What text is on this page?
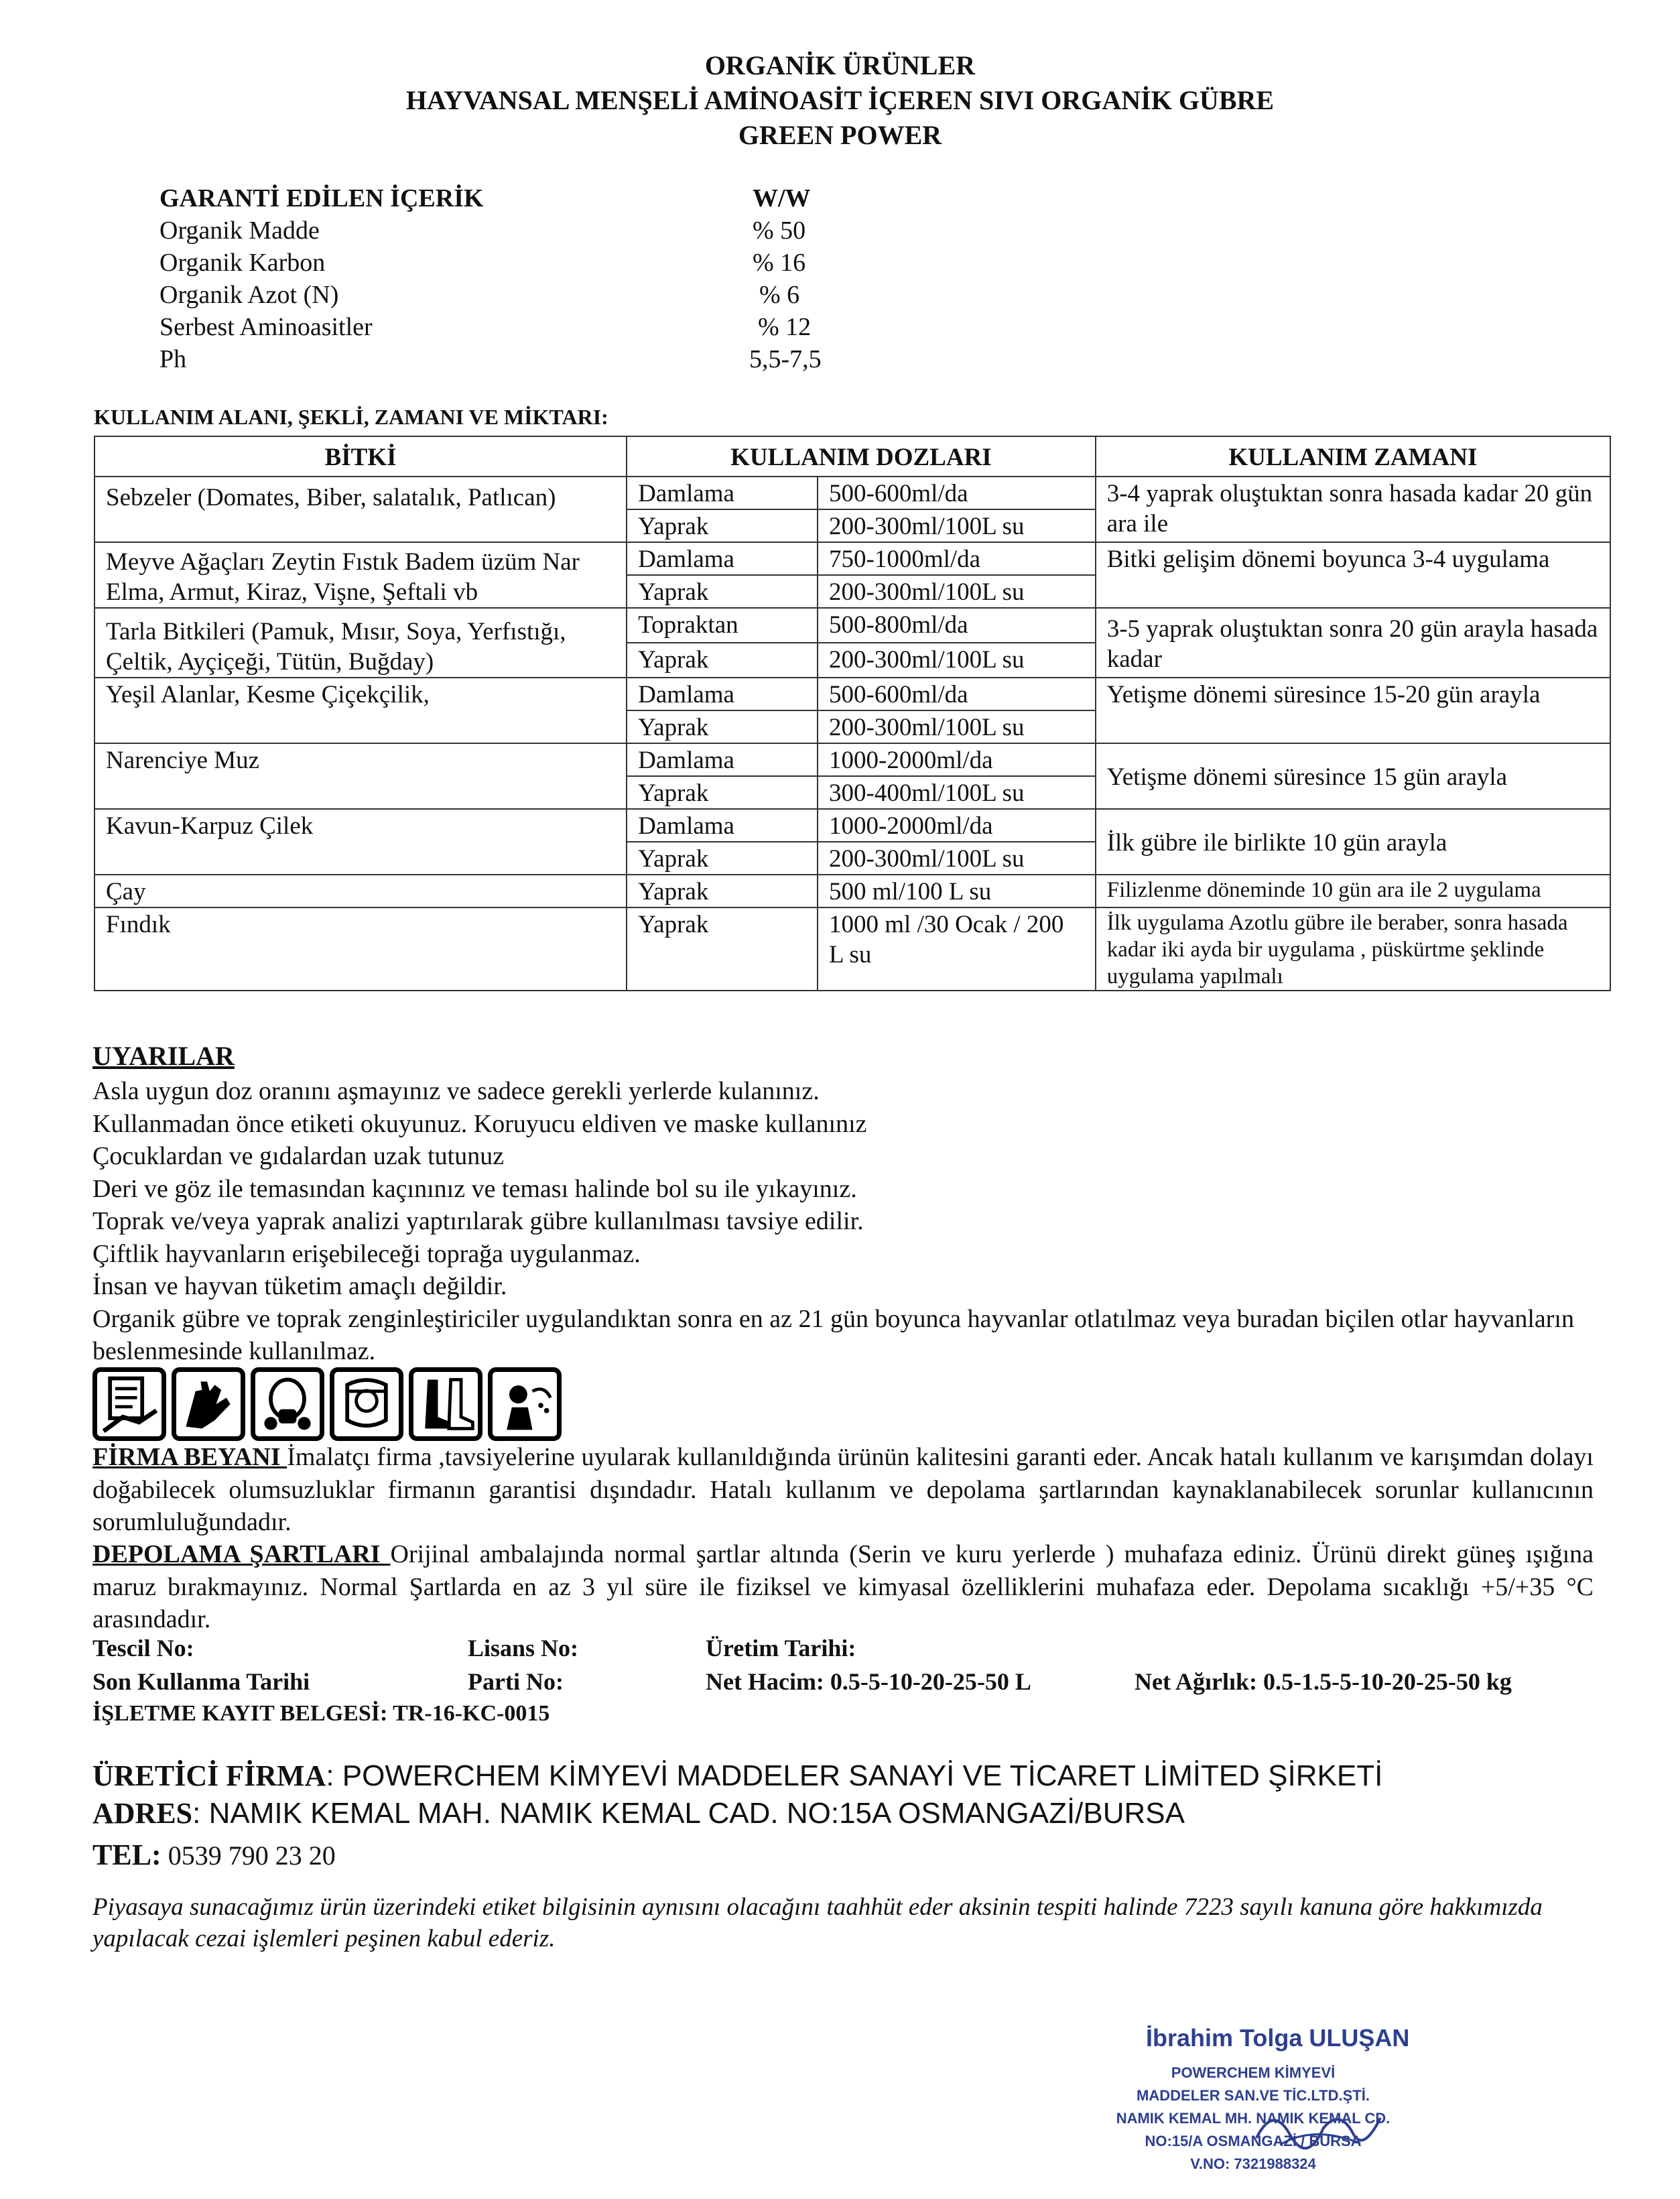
ORGANİK ÜRÜNLER
HAYVANSAL MENŞELİ AMİNOASİT İÇEREN SIVI ORGANİK GÜBRE
GREEN POWER
GARANTİ EDİLEN İÇERİK	W/W
Organik Madde	% 50
Organik Karbon	% 16
Organik Azot (N)	% 6
Serbest Aminoasitler	% 12
Ph	5,5-7,5
KULLANIM ALANI, ŞEKLİ, ZAMANI VE MİKTARI:
BİTKİ	KULLANIM DOZLARI		KULLANIM ZAMANI
Sebzeler (Domates, Biber, salatalık, Patlıcan)	Damlama	500-600ml/da	3-4 yaprak oluştuktan sonra hasada kadar 20 gün ara ile
	Yaprak	200-300ml/100L su	
Meyve Ağaçları Zeytin Fıstık Badem üzüm Nar Elma, Armut, Kiraz, Vişne, Şeftali vb	Damlama	750-1000ml/da	Bitki gelişim dönemi boyunca 3-4 uygulama
	Yaprak	200-300ml/100L su	
Tarla Bitkileri (Pamuk, Mısır, Soya, Yerfıstığı, Çeltik, Ayçiçeği, Tütün, Buğday)	Topraktan	500-800ml/da	3-5 yaprak oluştuktan sonra 20 gün arayla hasada kadar
	Yaprak	200-300ml/100L su	
Yeşil Alanlar, Kesme Çiçekçilik,	Damlama	500-600ml/da	Yetişme dönemi süresince 15-20 gün arayla
	Yaprak	200-300ml/100L su	
Narenciye Muz	Damlama	1000-2000ml/da	Yetişme dönemi süresince 15 gün arayla
	Yaprak	300-400ml/100L su	
Kavun-Karpuz Çilek	Damlama	1000-2000ml/da	İlk gübre ile birlikte 10 gün arayla
	Yaprak	200-300ml/100L su	
Çay	Yaprak	500 ml/100 L su	Filizlenme döneminde 10 gün ara ile 2 uygulama
Fındık	Yaprak	1000 ml /30 Ocak / 200 L su	İlk uygulama Azotlu gübre ile beraber, sonra hasada kadar iki ayda bir uygulama , püskürtme şeklinde uygulama yapılmalı
UYARILAR
Asla uygun doz oranını aşmayınız ve sadece gerekli yerlerde kulanınız.
Kullanmadan önce etiketi okuyunuz. Koruyucu eldiven ve maske kullanınız
Çocuklardan ve gıdalardan uzak tutunuz
Deri ve göz ile temasından kaçınınız ve teması halinde bol su ile yıkayınız.
Toprak ve/veya yaprak analizi yaptırılarak gübre kullanılması tavsiye edilir.
Çiftlik hayvanların erişebileceği toprağa uygulanmaz.
İnsan ve hayvan tüketim amaçlı değildir.
Organik gübre ve toprak zenginleştiriciler uygulandıktan sonra en az 21 gün boyunca hayvanlar otlatılmaz veya buradan biçilen otlar hayvanların beslenmesinde kullanılmaz.
FİRMA BEYANI İmalatçı firma ,tavsiyelerine uyularak kullanıldığında ürünün kalitesini garanti eder. Ancak hatalı kullanım ve karışımdan dolayı doğabilecek olumsuzluklar firmanın garantisi dışındadır. Hatalı kullanım ve depolama şartlarından kaynaklanabilecek sorunlar kullanıcının sorumluluğundadır.
DEPOLAMA ŞARTLARI Orijinal ambalajında normal şartlar altında (Serin ve kuru yerlerde ) muhafaza ediniz. Ürünü direkt güneş ışığına maruz bırakmayınız. Normal Şartlarda en az 3 yıl süre ile fiziksel ve kimyasal özelliklerini muhafaza eder. Depolama sıcaklığı +5/+35 °C arasındadır.
Tescil No:	Lisans No:	Üretim Tarihi:
Son Kullanma Tarihi	Parti No:	Net Hacim: 0.5-5-10-20-25-50 L	Net Ağırlık: 0.5-1.5-5-10-20-25-50 kg
İŞLETME KAYIT BELGESİ: TR-16-KC-0015
ÜRETİCİ FİRMA: POWERCHEM KİMYEVİ MADDELER SANAYİ VE TİCARET LİMİTED ŞİRKETİ
ADRES: NAMIK KEMAL MAH. NAMIK KEMAL CAD. NO:15A OSMANGAZİ/BURSA
TEL: 0539 790 23 20
Piyasaya sunacağımız ürün üzerindeki etiket bilgisinin aynısını olacağını taahhüt eder aksinin tespiti halinde 7223 sayılı kanuna göre hakkımızda yapılacak cezai işlemleri peşinen kabul ederiz.
İbrahim Tolga ULUŞAN
POWERCHEM KİMYEVİ
MADDELER SAN.VE TİC.LTD.ŞTİ.
NAMIK KEMAL MH. NAMIK KEMAL CD.
NO:15/A OSMANGAZİ / BURSA
V.NO: 7321988324
